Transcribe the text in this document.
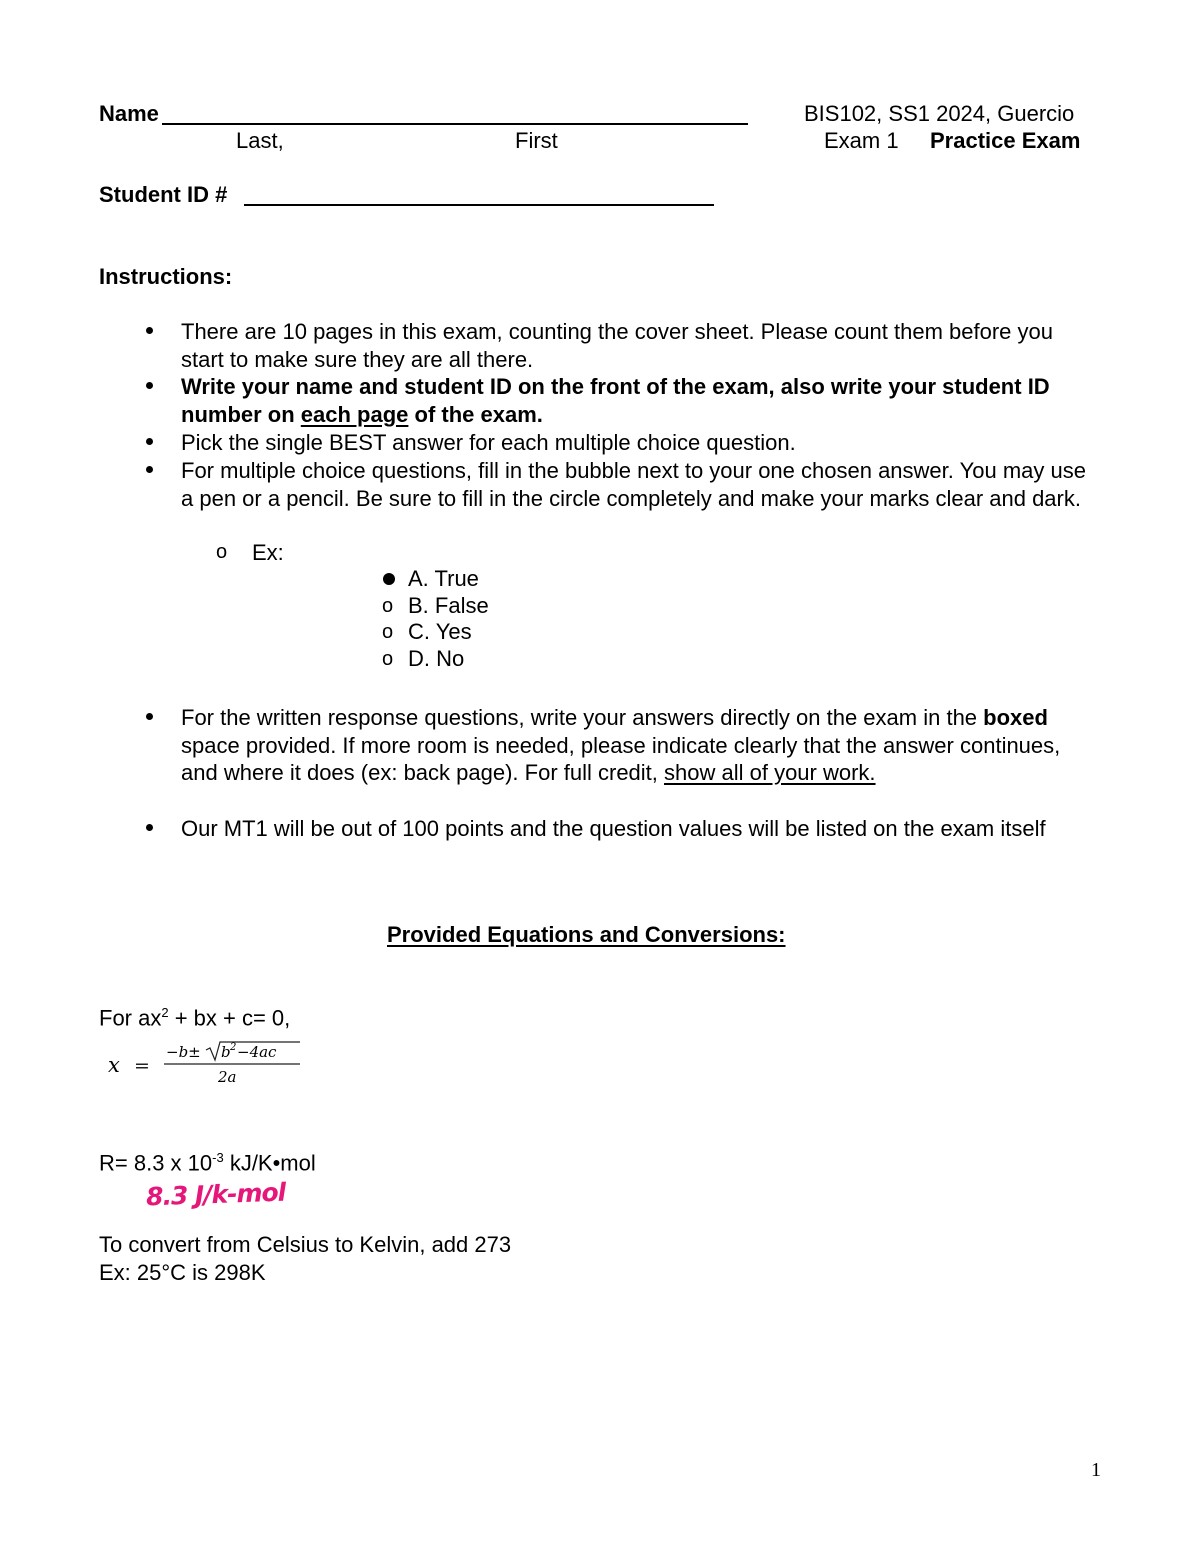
Name
Last,	First
BIS102, SS1 2024, Guercio
Exam 1 Practice Exam
Student ID #
Instructions:
There are 10 pages in this exam, counting the cover sheet. Please count them before you start to make sure they are all there.
Write your name and student ID on the front of the exam, also write your student ID number on each page of the exam.
Pick the single BEST answer for each multiple choice question.
For multiple choice questions, fill in the bubble next to your one chosen answer. You may use a pen or a pencil. Be sure to fill in the circle completely and make your marks clear and dark.
o Ex:
A. True
o B. False
o C. Yes
o D. No
For the written response questions, write your answers directly on the exam in the boxed space provided. If more room is needed, please indicate clearly that the answer continues, and where it does (ex: back page). For full credit, show all of your work.
Our MT1 will be out of 100 points and the question values will be listed on the exam itself
Provided Equations and Conversions:
For $ax^2$ + bx + c= 0,
x =
−b± b 2 −4ac
2a
R= 8.3 x $10^{-3}$ kJ/K•mol
8.3 J/k-mol
To convert from Celsius to Kelvin, add 273
Ex: 25°C is 298K
1
